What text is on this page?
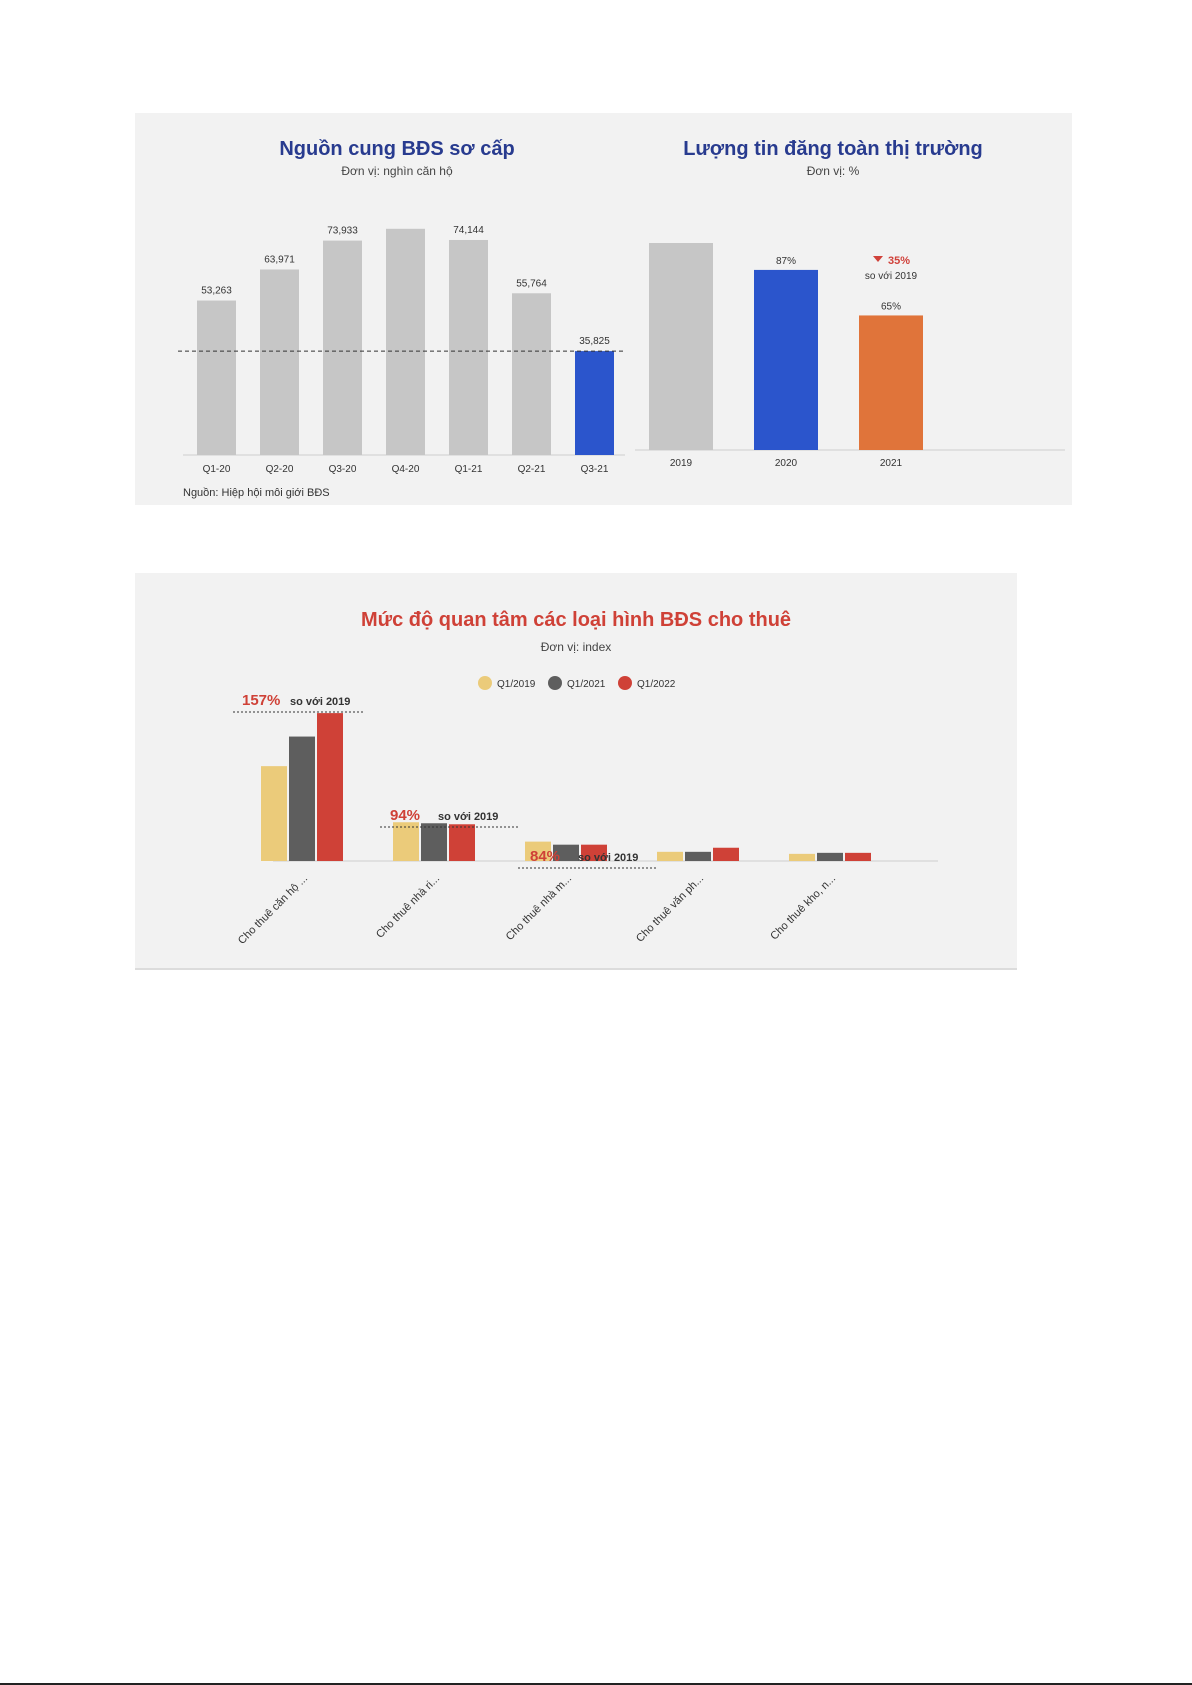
Nguồn cung BĐS sơ cấp
Đơn vị: nghìn căn hộ
53,263
Q1-20
63,971
Q2-20
73,933
Q3-20	Q4-20
74,144
Q1-21
55,764
Q2-21
35,825
Q3-21
Nguồn: Hiệp hội môi giới BĐS
Lượng tin đăng toàn thị trường
Đơn vị: %
2019
87%
2020
65%
2021
35%
so với 2019
Mức độ quan tâm các loại hình BĐS cho thuê
Đơn vị: index
Q1/2019	Q1/2021	Q1/2022
Cho thuê căn hộ ...	Cho thuê nhà ri...	Cho thuê nhà m...	Cho thuê văn ph...	Cho thuê kho, n...
157% so với 2019
94% so với 2019
84% so với 2019
